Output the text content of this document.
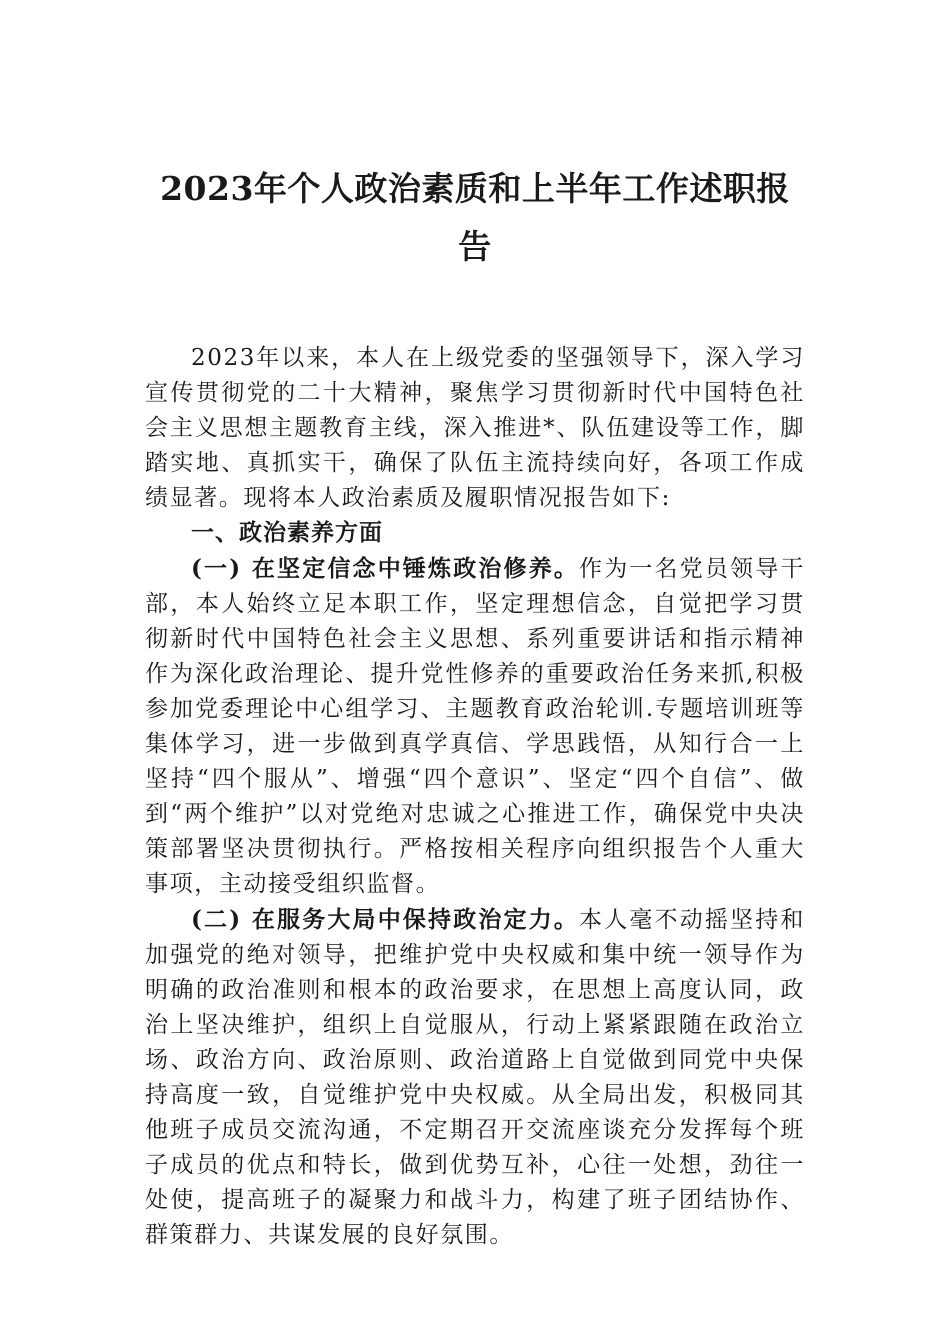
2023年个人政治素质和上半年工作述职报
告

2023年以来，本人在上级党委的坚强领导下，深入学习宣传贯彻党的二十大精神，聚焦学习贯彻新时代中国特色社会主义思想主题教育主线，深入推进*、队伍建设等工作，脚踏实地、真抓实干，确保了队伍主流持续向好，各项工作成绩显著。现将本人政治素质及履职情况报告如下:

一、政治素养方面

(一) 在坚定信念中锤炼政治修养。作为一名党员领导干部，本人始终立足本职工作，坚定理想信念，自觉把学习贯彻新时代中国特色社会主义思想、系列重要讲话和指示精神作为深化政治理论、提升党性修养的重要政治任务来抓,积极参加党委理论中心组学习、主题教育政治轮训.专题培训班等集体学习，进一步做到真学真信、学思践悟，从知行合一上坚持“四个服从”、增强“四个意识”、坚定“四个自信”、做到“两个维护”以对党绝对忠诚之心推进工作，确保党中央决策部署坚决贯彻执行。严格按相关程序向组织报告个人重大事项，主动接受组织监督。

(二) 在服务大局中保持政治定力。本人毫不动摇坚持和加强党的绝对领导，把维护党中央权威和集中统一领导作为明确的政治准则和根本的政治要求，在思想上高度认同，政治上坚决维护，组织上自觉服从，行动上紧紧跟随在政治立场、政治方向、政治原则、政治道路上自觉做到同党中央保持高度一致，自觉维护党中央权威。从全局出发，积极同其他班子成员交流沟通，不定期召开交流座谈充分发挥每个班子成员的优点和特长，做到优势互补，心往一处想，劲往一处使，提高班子的凝聚力和战斗力，构建了班子团结协作、群策群力、共谋发展的良好氛围。
